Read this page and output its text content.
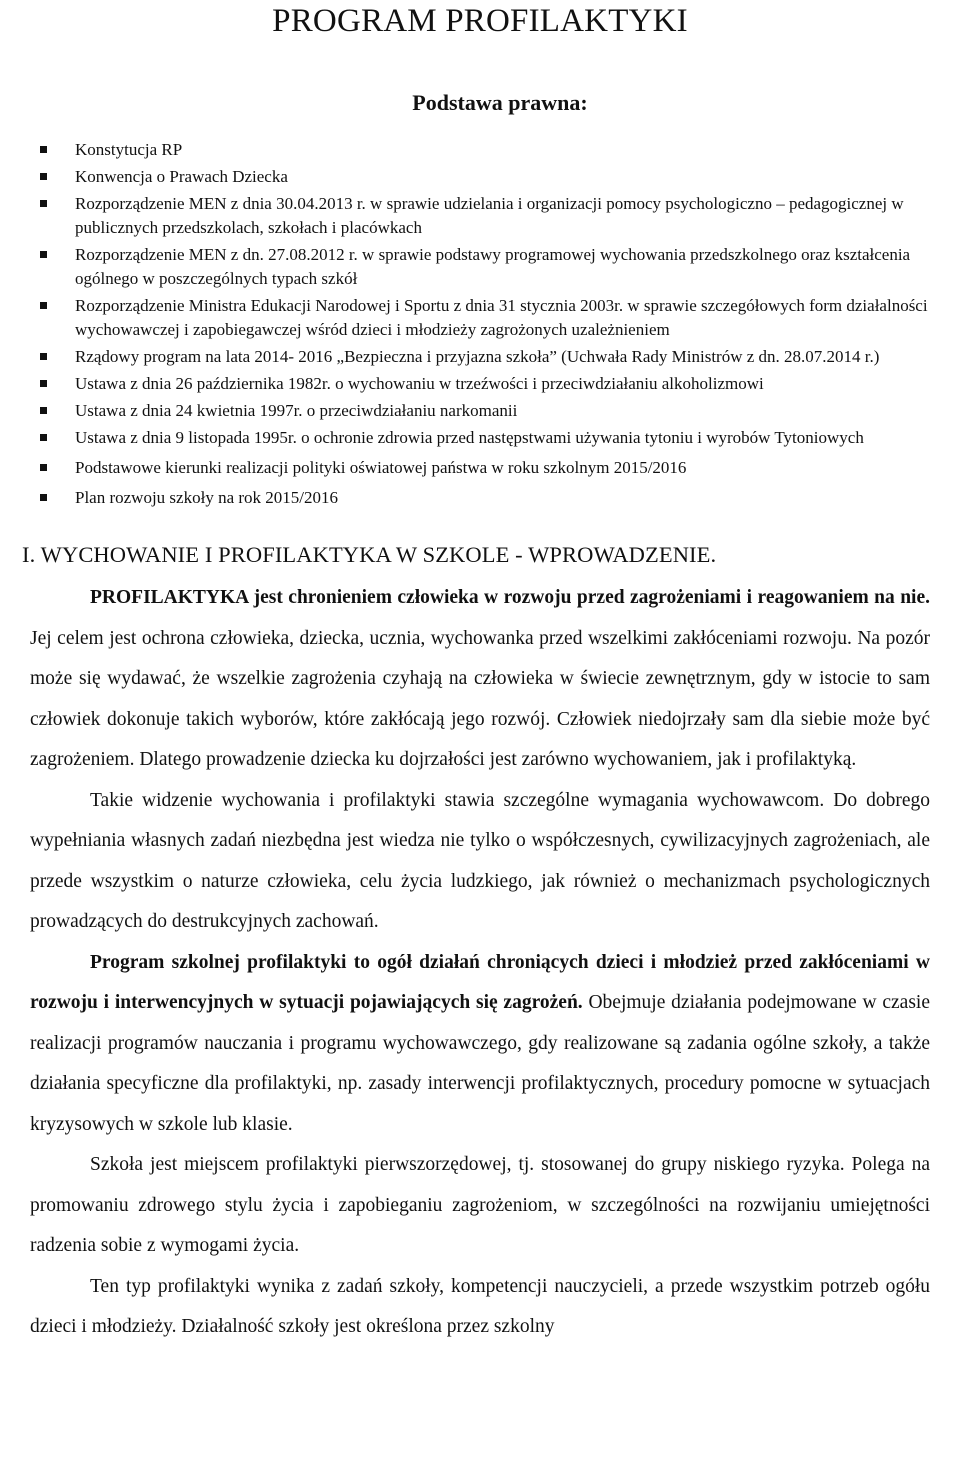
PROGRAM PROFILAKTYKI
Podstawa prawna:
Konstytucja RP
Konwencja o Prawach Dziecka
Rozporządzenie MEN z dnia 30.04.2013 r. w sprawie udzielania i organizacji pomocy psychologiczno – pedagogicznej w publicznych przedszkolach, szkołach i placówkach
Rozporządzenie MEN z dn. 27.08.2012 r. w sprawie podstawy programowej wychowania przedszkolnego oraz kształcenia ogólnego w poszczególnych typach szkół
Rozporządzenie Ministra Edukacji Narodowej i Sportu z dnia 31 stycznia 2003r. w sprawie szczegółowych form działalności wychowawczej i zapobiegawczej wśród dzieci i młodzieży zagrożonych uzależnieniem
Rządowy program na lata 2014- 2016 „Bezpieczna i przyjazna szkoła” (Uchwała Rady Ministrów z dn. 28.07.2014 r.)
Ustawa z dnia 26 października 1982r. o wychowaniu w trzeźwości i przeciwdziałaniu alkoholizmowi
Ustawa z dnia 24 kwietnia 1997r. o przeciwdziałaniu narkomanii
Ustawa z dnia 9 listopada 1995r. o ochronie zdrowia przed następstwami używania tytoniu i wyrobów Tytoniowych
Podstawowe kierunki realizacji polityki oświatowej państwa w roku szkolnym 2015/2016
Plan rozwoju szkoły na rok 2015/2016
I. WYCHOWANIE I PROFILAKTYKA W SZKOLE - WPROWADZENIE.

PROFILAKTYKA jest chronieniem człowieka w rozwoju przed zagrożeniami i reagowaniem na nie. Jej celem jest ochrona człowieka, dziecka, ucznia, wychowanka przed wszelkimi zakłóceniami rozwoju. Na pozór może się wydawać, że wszelkie zagrożenia czyhają na człowieka w świecie zewnętrznym, gdy w istocie to sam człowiek dokonuje takich wyborów, które zakłócają jego rozwój. Człowiek niedojrzały sam dla siebie może być zagrożeniem. Dlatego prowadzenie dziecka ku dojrzałości jest zarówno wychowaniem, jak i profilaktyką.

Takie widzenie wychowania i profilaktyki stawia szczególne wymagania wychowawcom. Do dobrego wypełniania własnych zadań niezbędna jest wiedza nie tylko o współczesnych, cywilizacyjnych zagrożeniach, ale przede wszystkim o naturze człowieka, celu życia ludzkiego, jak również o mechanizmach psychologicznych prowadzących do destrukcyjnych zachowań.

Program szkolnej profilaktyki to ogół działań chroniących dzieci i młodzież przed zakłóceniami w rozwoju i interwencyjnych w sytuacji pojawiających się zagrożeń. Obejmuje działania podejmowane w czasie realizacji programów nauczania i programu wychowawczego, gdy realizowane są zadania ogólne szkoły, a także działania specyficzne dla profilaktyki, np. zasady interwencji profilaktycznych, procedury pomocne w sytuacjach kryzysowych w szkole lub klasie.

Szkoła jest miejscem profilaktyki pierwszorzędowej, tj. stosowanej do grupy niskiego ryzyka. Polega na promowaniu zdrowego stylu życia i zapobieganiu zagrożeniom, w szczególności na rozwijaniu umiejętności radzenia sobie z wymogami życia.

Ten typ profilaktyki wynika z zadań szkoły, kompetencji nauczycieli, a przede wszystkim potrzeb ogółu dzieci i młodzieży. Działalność szkoły jest określona przez szkolny
